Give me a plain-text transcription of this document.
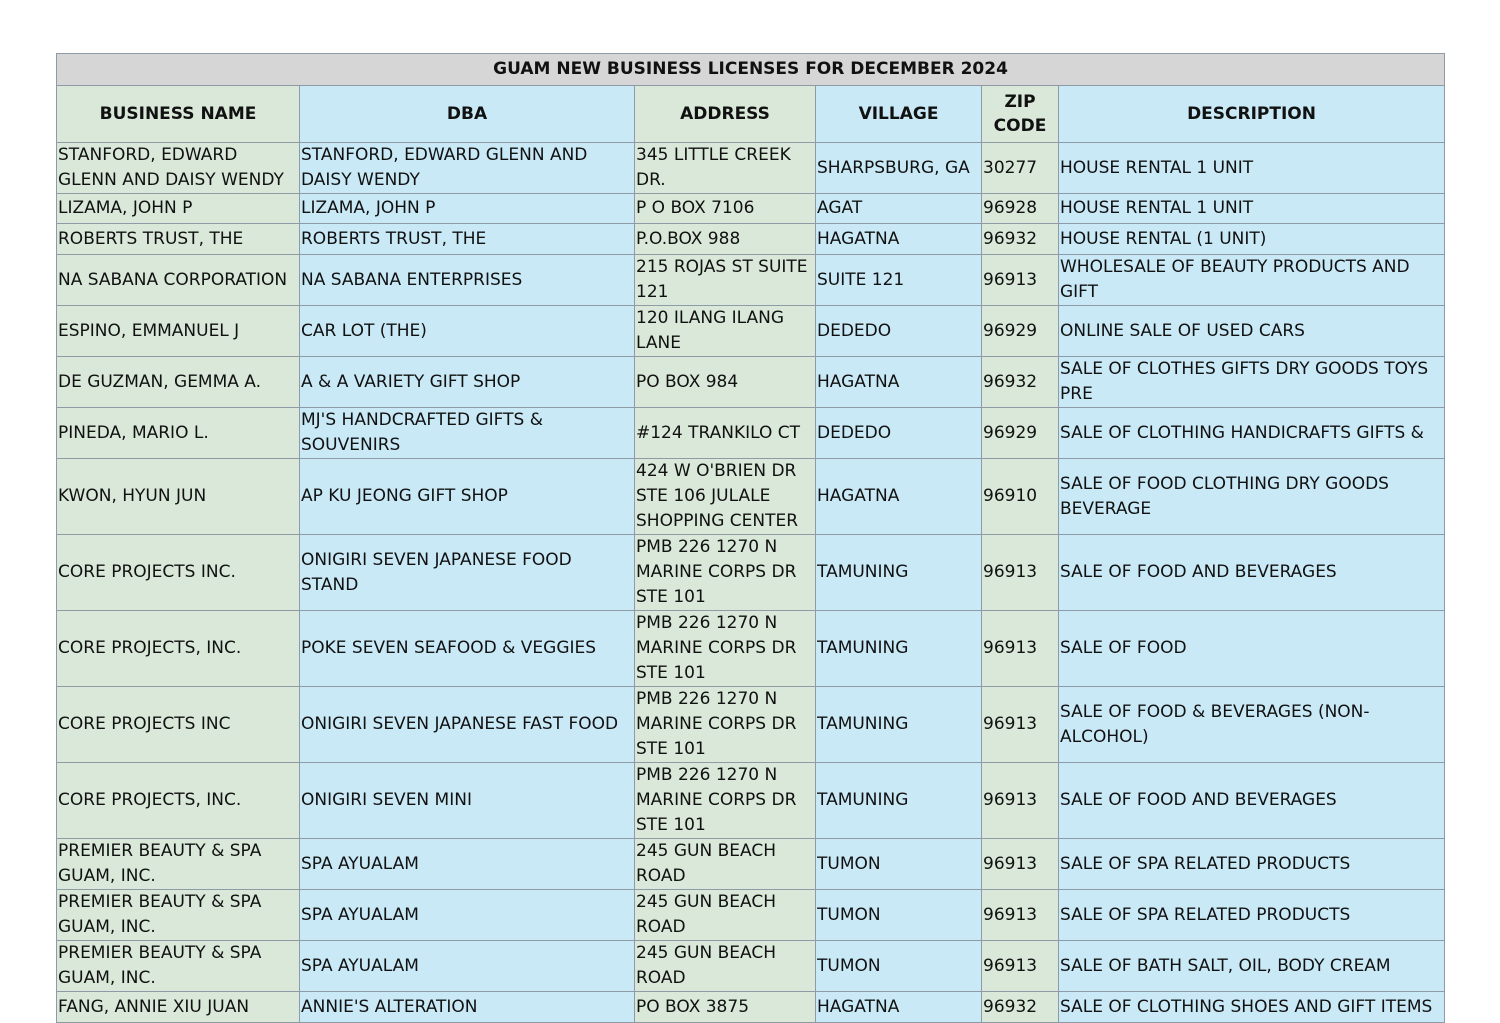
GUAM NEW BUSINESS LICENSES FOR DECEMBER 2024					
BUSINESS NAME	DBA	ADDRESS	VILLAGE	ZIP CODE	DESCRIPTION

STANFORD, EDWARD GLENN AND DAISY WENDY	STANFORD, EDWARD GLENN AND DAISY WENDY	345 LITTLE CREEK DR.	SHARPSBURG, GA	30277	HOUSE RENTAL 1 UNIT

LIZAMA, JOHN P	LIZAMA, JOHN P	P O BOX 7106	AGAT	96928	HOUSE RENTAL 1 UNIT

ROBERTS TRUST, THE	ROBERTS TRUST, THE	P.O.BOX 988	HAGATNA	96932	HOUSE RENTAL (1 UNIT)

NA SABANA CORPORATION	NA SABANA ENTERPRISES	215 ROJAS ST SUITE 121	SUITE 121	96913	WHOLESALE OF BEAUTY PRODUCTS AND GIFT

ESPINO, EMMANUEL J	CAR LOT (THE)	120 ILANG ILANG LANE	DEDEDO	96929	ONLINE SALE OF USED CARS

DE GUZMAN, GEMMA A.	A & A VARIETY GIFT SHOP	PO BOX 984	HAGATNA	96932	SALE OF CLOTHES GIFTS DRY GOODS TOYS PRE

PINEDA, MARIO L.	MJ'S HANDCRAFTED GIFTS & SOUVENIRS	#124 TRANKILO CT	DEDEDO	96929	SALE OF CLOTHING HANDICRAFTS GIFTS &

KWON, HYUN JUN	AP KU JEONG GIFT SHOP	424 W O'BRIEN DR STE 106 JULALE SHOPPING CENTER	HAGATNA	96910	SALE OF FOOD CLOTHING DRY GOODS BEVERAGE

CORE PROJECTS INC.	ONIGIRI SEVEN JAPANESE FOOD STAND	PMB 226 1270 N MARINE CORPS DR STE 101	TAMUNING	96913	SALE OF FOOD AND BEVERAGES

CORE PROJECTS, INC.	POKE SEVEN SEAFOOD & VEGGIES	PMB 226 1270 N MARINE CORPS DR STE 101	TAMUNING	96913	SALE OF FOOD

CORE PROJECTS INC	ONIGIRI SEVEN JAPANESE FAST FOOD	PMB 226 1270 N MARINE CORPS DR STE 101	TAMUNING	96913	SALE OF FOOD & BEVERAGES (NON-ALCOHOL)

CORE PROJECTS, INC.	ONIGIRI SEVEN MINI	PMB 226 1270 N MARINE CORPS DR STE 101	TAMUNING	96913	SALE OF FOOD AND BEVERAGES

PREMIER BEAUTY & SPA GUAM, INC.	SPA AYUALAM	245 GUN BEACH ROAD	TUMON	96913	SALE OF SPA RELATED PRODUCTS

PREMIER BEAUTY & SPA GUAM, INC.	SPA AYUALAM	245 GUN BEACH ROAD	TUMON	96913	SALE OF SPA RELATED PRODUCTS

PREMIER BEAUTY & SPA GUAM, INC.	SPA AYUALAM	245 GUN BEACH ROAD	TUMON	96913	SALE OF BATH SALT, OIL, BODY CREAM

FANG, ANNIE XIU JUAN	ANNIE'S ALTERATION	PO BOX 3875	HAGATNA	96932	SALE OF CLOTHING SHOES AND GIFT ITEMS
